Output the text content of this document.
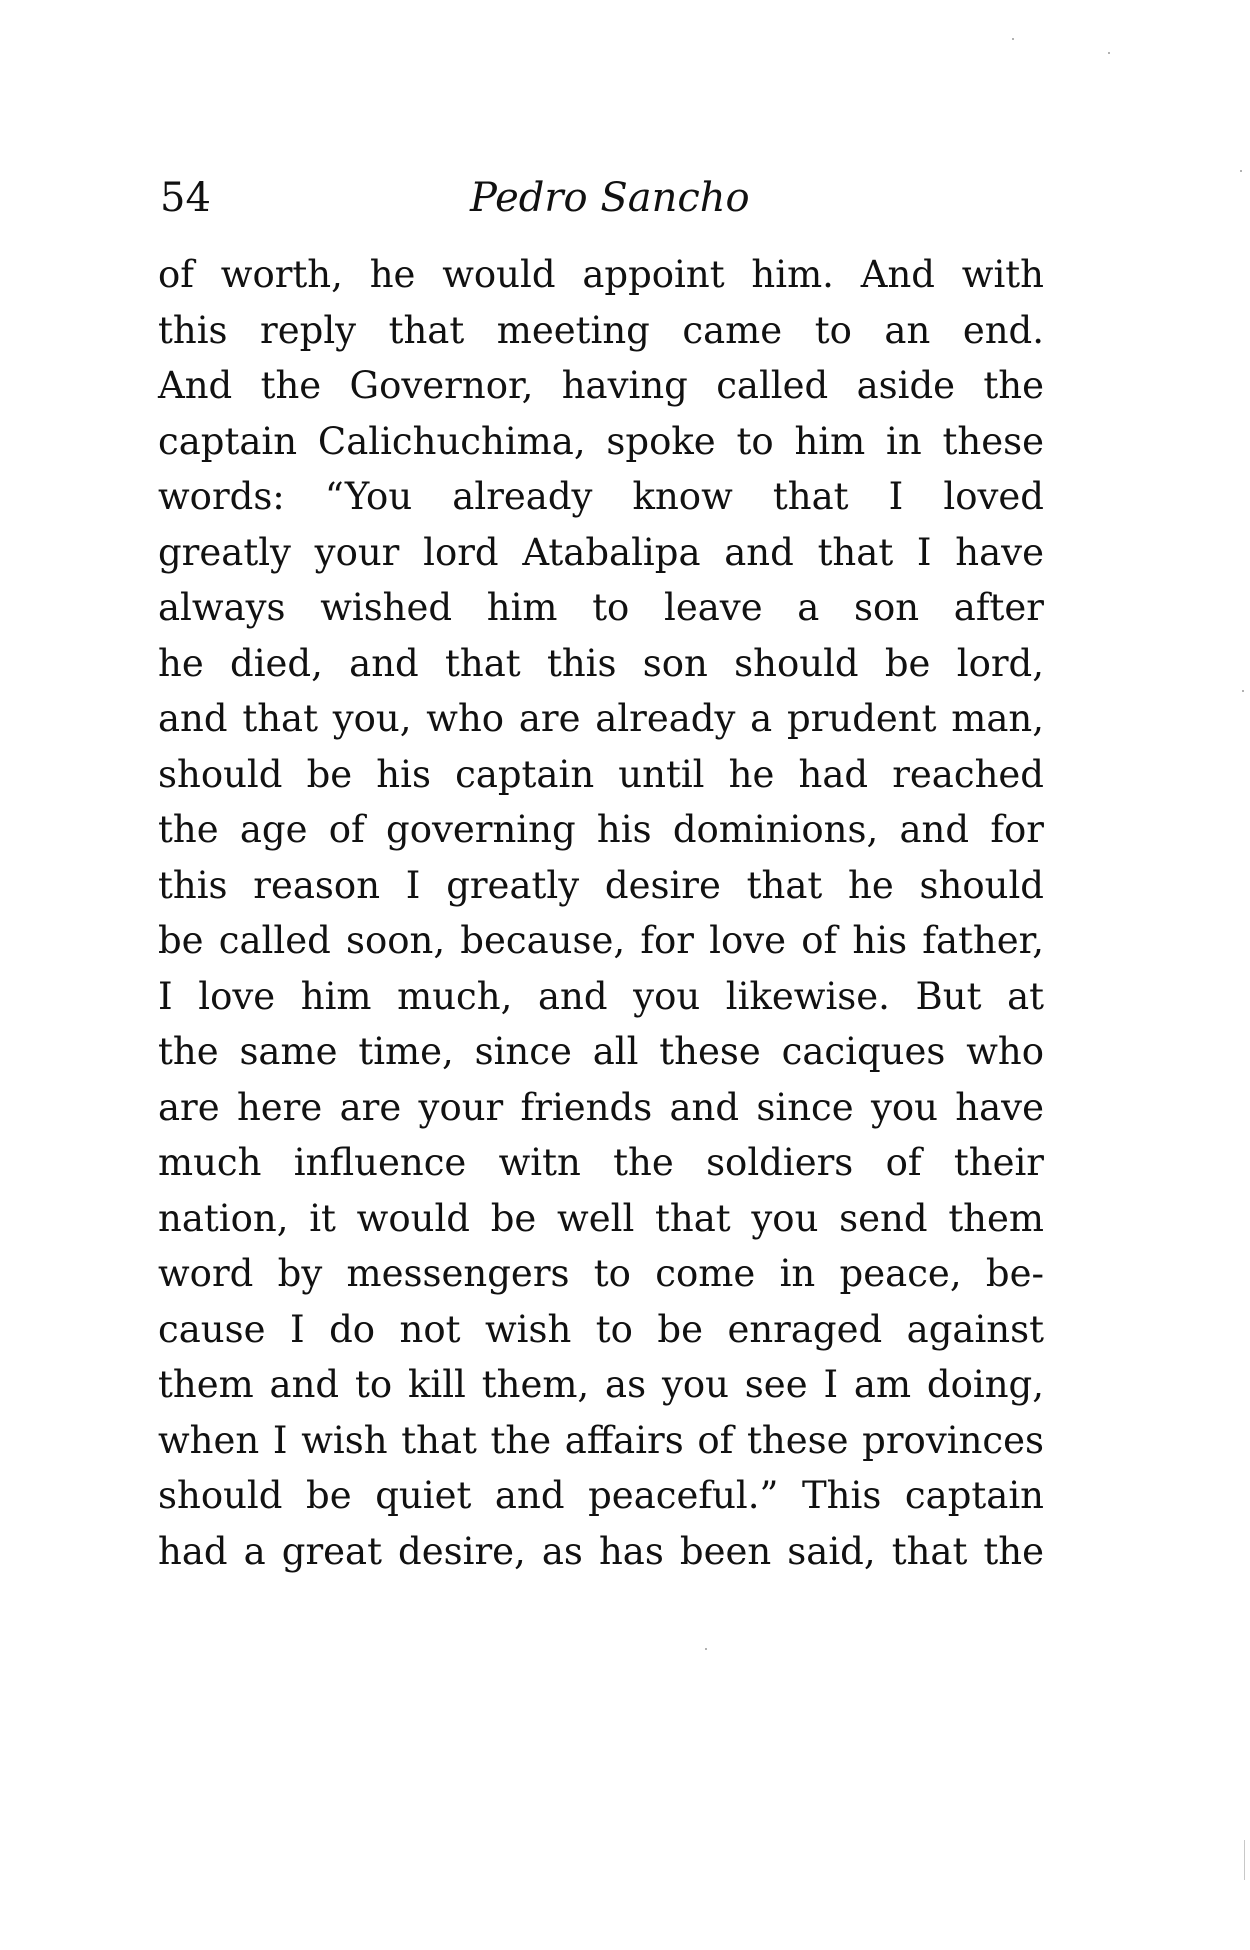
54	Pedro Sancho
of worth, he would appoint him. And with
this reply that meeting came to an end.
And the Governor, having called aside the
captain Calichuchima, spoke to him in these
words: “You already know that I loved
greatly your lord Atabalipa and that I have
always wished him to leave a son after
he died, and that this son should be lord,
and that you, who are already a prudent man,
should be his captain until he had reached
the age of governing his dominions, and for
this reason I greatly desire that he should
be called soon, because, for love of his father,
I love him much, and you likewise. But at
the same time, since all these caciques who
are here are your friends and since you have
much influence witn the soldiers of their
nation, it would be well that you send them
word by messengers to come in peace, be-
cause I do not wish to be enraged against
them and to kill them, as you see I am doing,
when I wish that the affairs of these provinces
should be quiet and peaceful.” This captain
had a great desire, as has been said, that the
